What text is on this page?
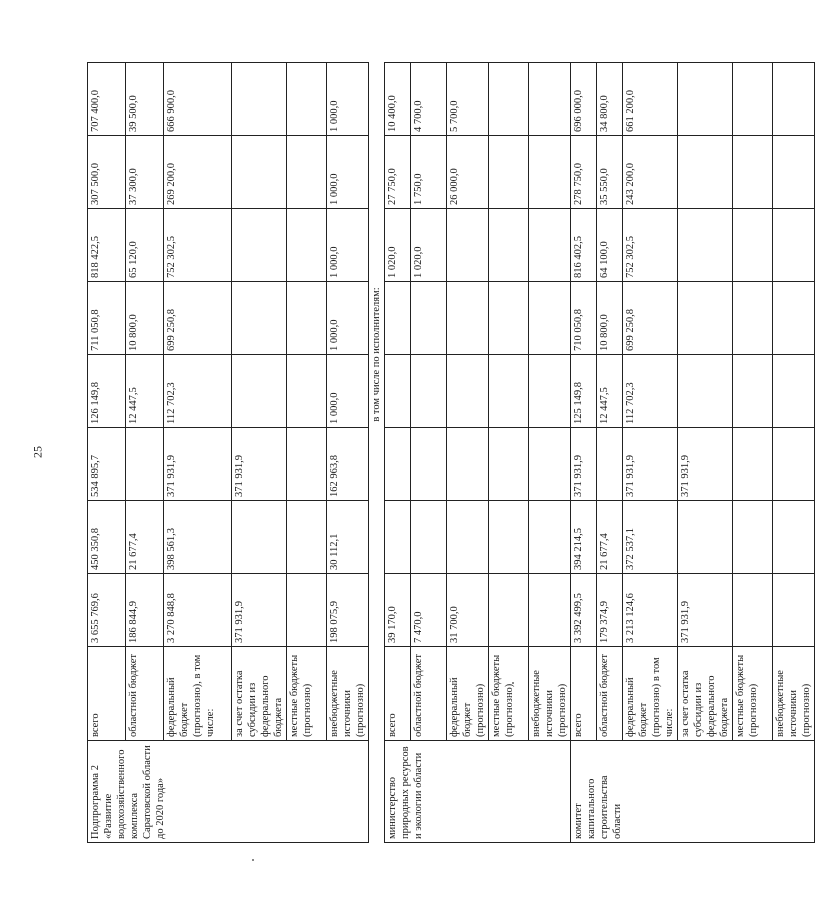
25
Подпрограмма 2 «Развитие водохозяйственного комплекса Саратовской области до 2020 года»	всего	3 655 769,6	450 350,8	534 895,7	126 149,8	711 050,8	818 422,5	307 500,0	707 400,0
	областной бюджет	186 844,9	21 677,4		12 447,5	10 800,0	65 120,0	37 300,0	39 500,0
	федеральный бюджет (прогнозно), в том числе:	3 270 848,8	398 561,3	371 931,9	112 702,3	699 250,8	752 302,5	269 200,0	666 900,0
	за счет остатка субсидии из федерального бюджета	371 931,9		371 931,9					
	местные бюджеты (прогнозно)								
	внебюджетные источники (прогнозно)	198 075,9	30 112,1	162 963,8	1 000,0	1 000,0	1 000,0	1 000,0	1 000,0
		в том числе по исполнителям:							
министерство природных ресурсов и экологии области	всего	39 170,0					1 020,0	27 750,0	10 400,0
	областной бюджет	7 470,0					1 020,0	1 750,0	4 700,0
	федеральный бюджет (прогнозно)	31 700,0						26 000,0	5 700,0
	местные бюджеты (прогнозно)								
	внебюджетные источники (прогнозно)								
комитет капитального строительства области	всего	3 392 499,5	394 214,5	371 931,9	125 149,8	710 050,8	816 402,5	278 750,0	696 000,0
	областной бюджет	179 374,9	21 677,4		12 447,5	10 800,0	64 100,0	35 550,0	34 800,0
	федеральный бюджет (прогнозно) в том числе:	3 213 124,6	372 537,1	371 931,9	112 702,3	699 250,8	752 302,5	243 200,0	661 200,0
	за счет остатка субсидии из федерального бюджета	371 931,9		371 931,9					
	местные бюджеты (прогнозно)								
	внебюджетные источники (прогнозно)								
